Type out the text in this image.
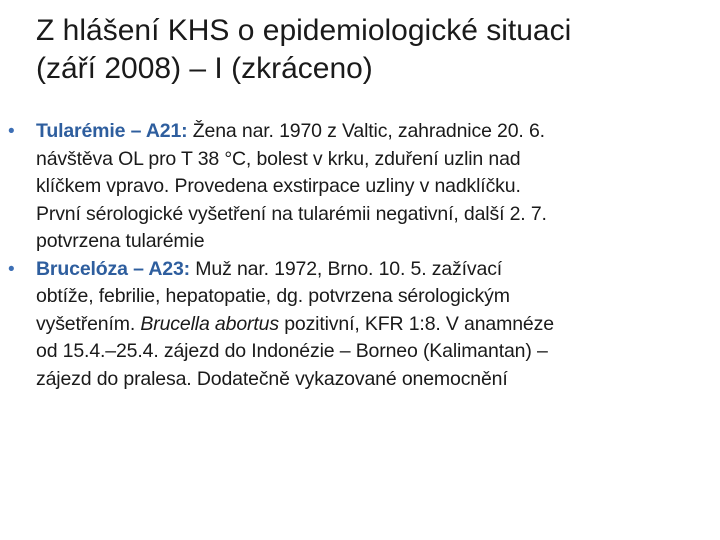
Z hlášení KHS o epidemiologické situaci
(září 2008) – I (zkráceno)
•	Tularémie – A21: Žena nar. 1970 z Valtic, zahradnice 20. 6.
návštěva OL pro T 38 °C, bolest v krku, zduření uzlin nad
klíčkem vpravo. Provedena exstirpace uzliny v nadklíčku.
První sérologické vyšetření na tularémii negativní, další 2. 7.
potvrzena tularémie
•	Brucelóza – A23: Muž nar. 1972, Brno. 10. 5. zažívací
obtíže, febrilie, hepatopatie, dg. potvrzena sérologickým
vyšetřením. Brucella abortus pozitivní, KFR 1:8. V anamnéze
od 15.4.–25.4. zájezd do Indonézie – Borneo (Kalimantan) –
zájezd do pralesa. Dodatečně vykazované onemocnění
